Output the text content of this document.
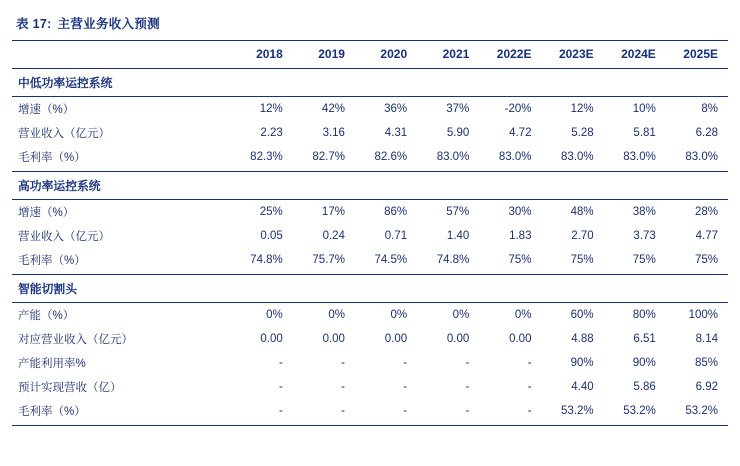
表 17: 主营业务收入预测
	2018	2019	2020	2021	2022E	2023E	2024E	2025E
中低功率运控系统								
增速（%）	12%	42%	36%	37%	-20%	12%	10%	8%
营业收入（亿元）	2.23	3.16	4.31	5.90	4.72	5.28	5.81	6.28
毛利率（%）	82.3%	82.7%	82.6%	83.0%	83.0%	83.0%	83.0%	83.0%
高功率运控系统								
增速（%）	25%	17%	86%	57%	30%	48%	38%	28%
营业收入（亿元）	0.05	0.24	0.71	1.40	1.83	2.70	3.73	4.77
毛利率（%）	74.8%	75.7%	74.5%	74.8%	75%	75%	75%	75%
智能切割头								
产能（%）	0%	0%	0%	0%	0%	60%	80%	100%
对应营业收入（亿元）	0.00	0.00	0.00	0.00	0.00	4.88	6.51	8.14
产能利用率%	-	-	-	-	-	90%	90%	85%
预计实现营收（亿）	-	-	-	-	-	4.40	5.86	6.92
毛利率（%）	-	-	-	-	-	53.2%	53.2%	53.2%
